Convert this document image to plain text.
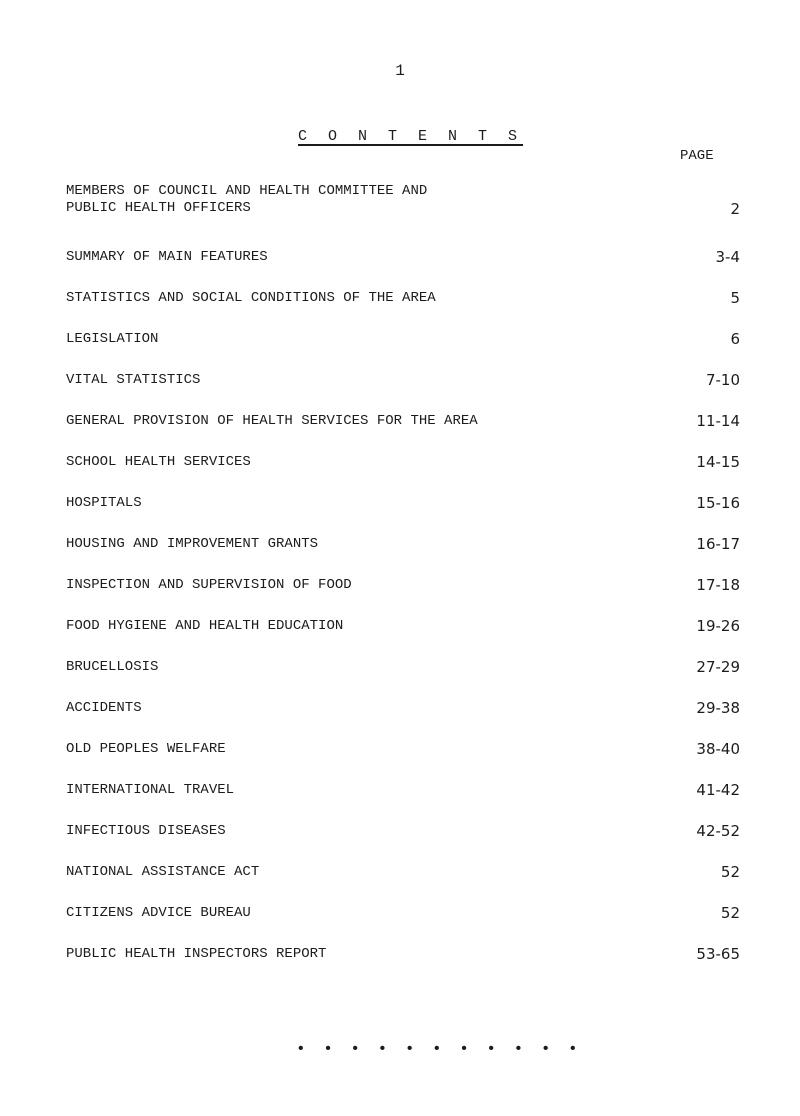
1
C O N T E N T S
PAGE
MEMBERS OF COUNCIL AND HEALTH COMMITTEE AND
PUBLIC HEALTH OFFICERS	2
SUMMARY OF MAIN FEATURES	3-4
STATISTICS AND SOCIAL CONDITIONS OF THE AREA	5
LEGISLATION	6
VITAL STATISTICS	7-10
GENERAL PROVISION OF HEALTH SERVICES FOR THE AREA	11-14
SCHOOL HEALTH SERVICES	14-15
HOSPITALS	15-16
HOUSING AND IMPROVEMENT GRANTS	16-17
INSPECTION AND SUPERVISION OF FOOD	17-18
FOOD HYGIENE AND HEALTH EDUCATION	19-26
BRUCELLOSIS	27-29
ACCIDENTS	29-38
OLD PEOPLES WELFARE	38-40
INTERNATIONAL TRAVEL	41-42
INFECTIOUS DISEASES	42-52
NATIONAL ASSISTANCE ACT	52
CITIZENS ADVICE BUREAU	52
PUBLIC HEALTH INSPECTORS REPORT	53-65
• • • • • • • • • • •
